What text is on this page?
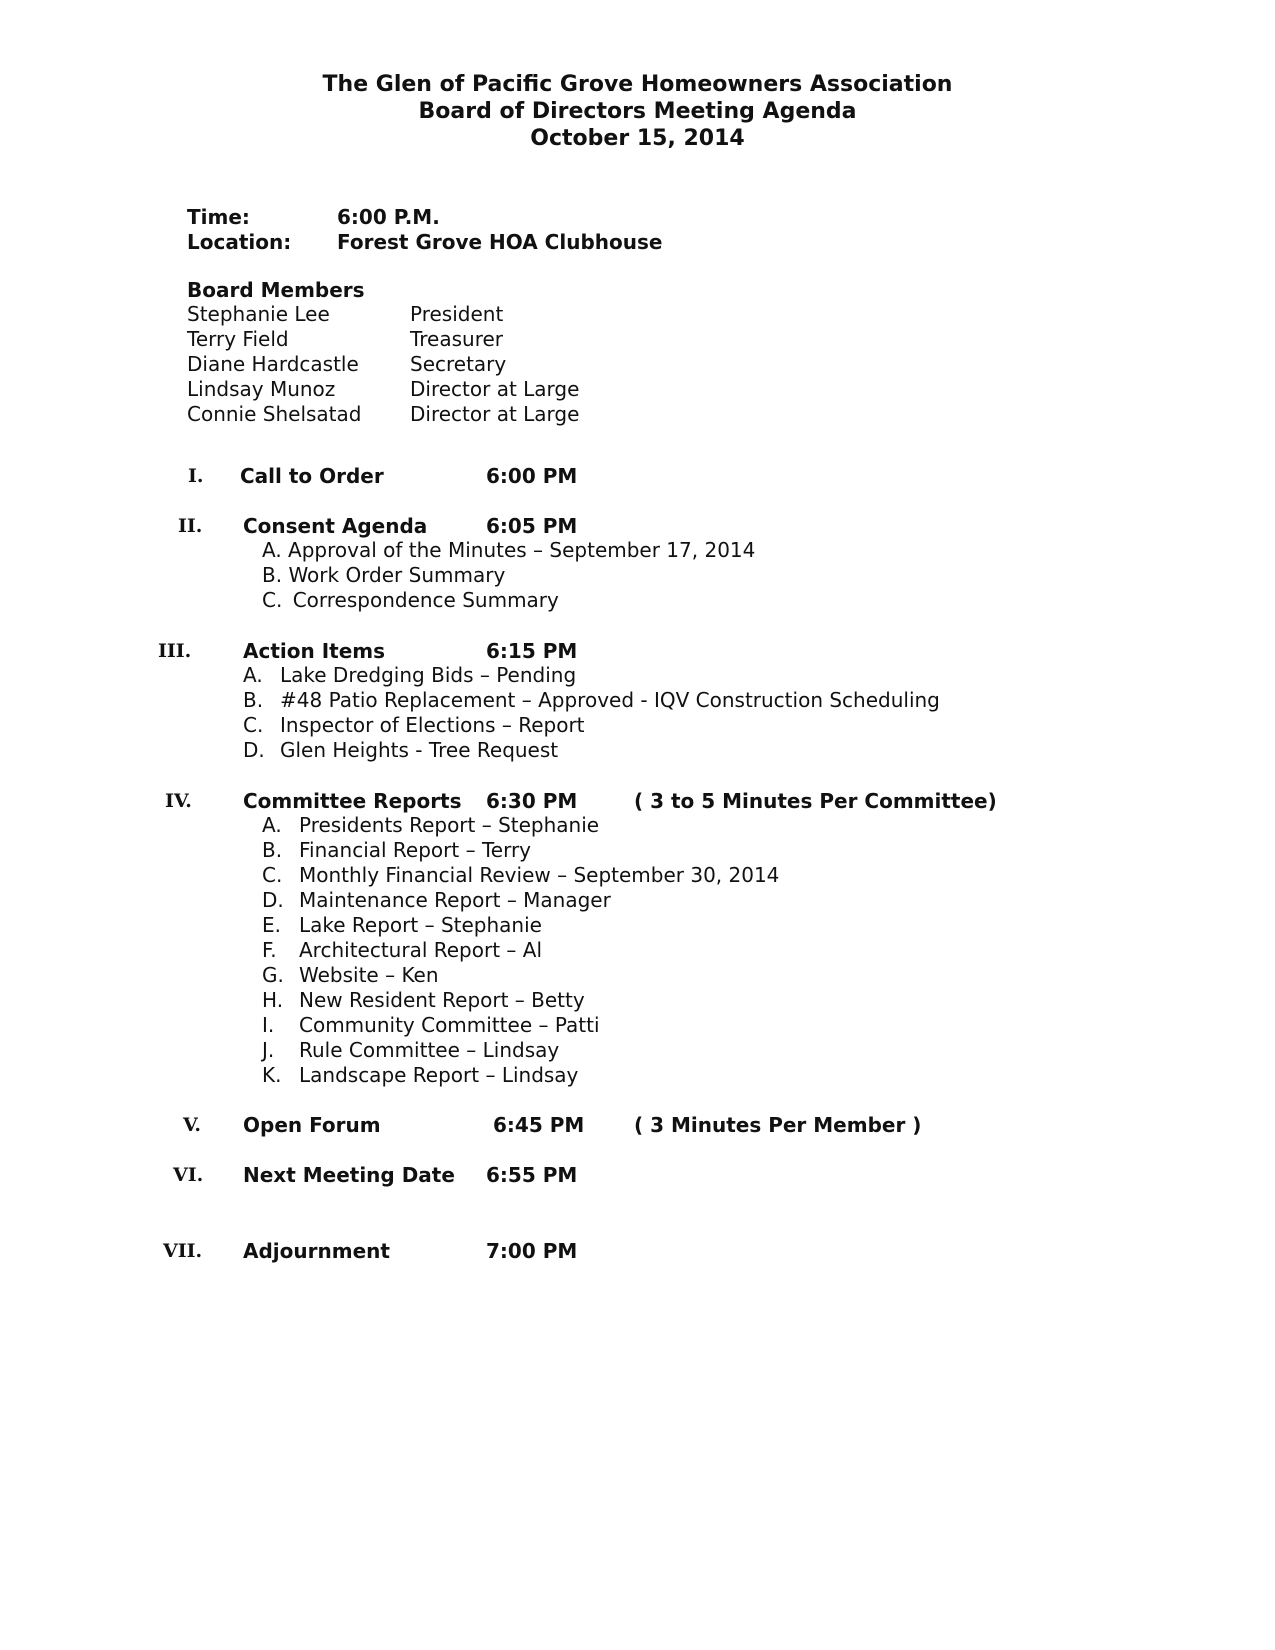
The Glen of Pacific Grove Homeowners Association
Board of Directors Meeting Agenda
October 15, 2014
Time:	6:00 P.M.
Location: Forest Grove HOA Clubhouse
Board Members
Stephanie Lee	President
Terry Field	Treasurer
Diane Hardcastle	Secretary
Lindsay Munoz	Director at Large
Connie Shelsatad Director at Large
I. Call to Order	6:00 PM
II. Consent Agenda	6:05 PM
A. Approval of the Minutes – September 17, 2014
B. Work Order Summary
C. Correspondence Summary
III.	Action Items	6:15 PM
A. Lake Dredging Bids – Pending
B. #48 Patio Replacement – Approved - IQV Construction Scheduling
C. Inspector of Elections – Report
D. Glen Heights - Tree Request
IV.	Committee Reports 6:30 PM	( 3 to 5 Minutes Per Committee)
A. Presidents Report – Stephanie
B. Financial Report – Terry
C. Monthly Financial Review – September 30, 2014
D. Maintenance Report – Manager
E. Lake Report – Stephanie
F. Architectural Report – Al
G. Website – Ken
H. New Resident Report – Betty
I. Community Committee – Patti
J. Rule Committee – Lindsay
K. Landscape Report – Lindsay
V. Open Forum	6:45 PM ( 3 Minutes Per Member )
VI. Next Meeting Date 6:55 PM
VII. Adjournment	7:00 PM
